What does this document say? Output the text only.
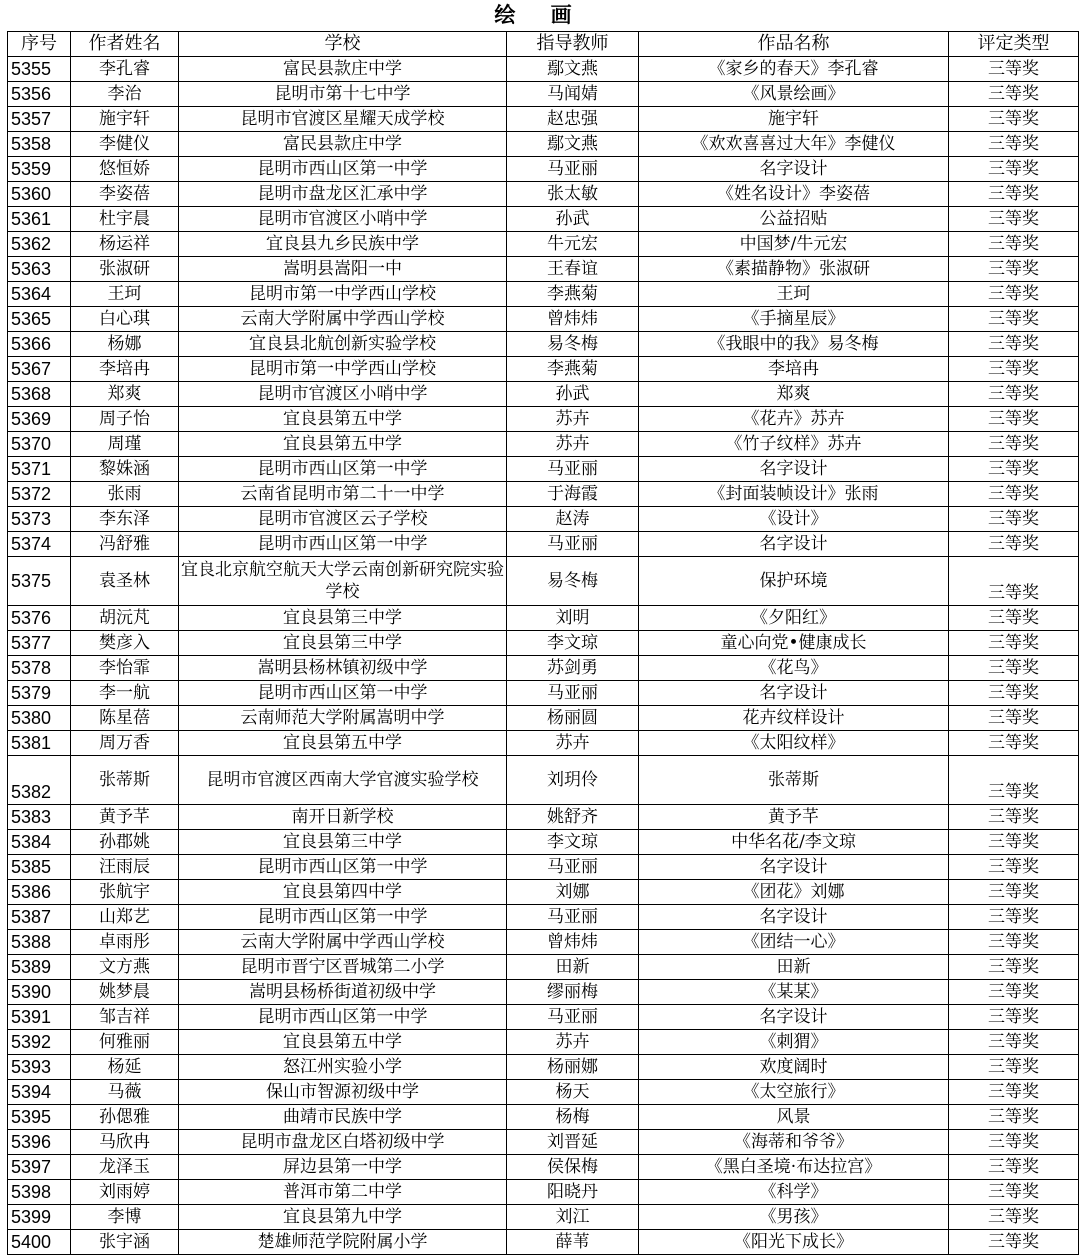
绘 画
序号	作者姓名	学校	指导教师	作品名称	评定类型
5355	李孔睿	富民县款庄中学	鄢文燕	《家乡的春天》李孔睿	三等奖
5356	李治	昆明市第十七中学	马闻婧	《风景绘画》	三等奖
5357	施宇轩	昆明市官渡区星耀天成学校	赵忠强	施宇轩	三等奖
5358	李健仪	富民县款庄中学	鄢文燕	《欢欢喜喜过大年》李健仪	三等奖
5359	悠恒娇	昆明市西山区第一中学	马亚丽	名字设计	三等奖
5360	李姿蓓	昆明市盘龙区汇承中学	张太敏	《姓名设计》李姿蓓	三等奖
5361	杜宇晨	昆明市官渡区小哨中学	孙武	公益招贴	三等奖
5362	杨运祥	宜良县九乡民族中学	牛元宏	中国梦/牛元宏	三等奖
5363	张淑研	嵩明县嵩阳一中	王春谊	《素描静物》张淑研	三等奖
5364	王珂	昆明市第一中学西山学校	李燕菊	王珂	三等奖
5365	白心琪	云南大学附属中学西山学校	曾炜炜	《手摘星辰》	三等奖
5366	杨娜	宜良县北航创新实验学校	易冬梅	《我眼中的我》易冬梅	三等奖
5367	李培冉	昆明市第一中学西山学校	李燕菊	李培冉	三等奖
5368	郑爽	昆明市官渡区小哨中学	孙武	郑爽	三等奖
5369	周子怡	宜良县第五中学	苏卉	《花卉》苏卉	三等奖
5370	周瑾	宜良县第五中学	苏卉	《竹子纹样》苏卉	三等奖
5371	黎姝涵	昆明市西山区第一中学	马亚丽	名字设计	三等奖
5372	张雨	云南省昆明市第二十一中学	于海霞	《封面装帧设计》张雨	三等奖
5373	李东泽	昆明市官渡区云子学校	赵涛	《设计》	三等奖
5374	冯舒雅	昆明市西山区第一中学	马亚丽	名字设计	三等奖
5375	袁圣林	宜良北京航空航天大学云南创新研究院实验学校	易冬梅	保护环境	三等奖
5376	胡沅芃	宜良县第三中学	刘明	《夕阳红》	三等奖
5377	樊彦入	宜良县第三中学	李文琼	童心向党•健康成长	三等奖
5378	李怡霏	嵩明县杨林镇初级中学	苏剑勇	《花鸟》	三等奖
5379	李一航	昆明市西山区第一中学	马亚丽	名字设计	三等奖
5380	陈星蓓	云南师范大学附属嵩明中学	杨丽圆	花卉纹样设计	三等奖
5381	周万香	宜良县第五中学	苏卉	《太阳纹样》	三等奖
5382	张蒂斯	昆明市官渡区西南大学官渡实验学校	刘玥伶	张蒂斯	三等奖
5383	黄予芊	南开日新学校	姚舒齐	黄予芊	三等奖
5384	孙郡姚	宜良县第三中学	李文琼	中华名花/李文琼	三等奖
5385	汪雨辰	昆明市西山区第一中学	马亚丽	名字设计	三等奖
5386	张航宇	宜良县第四中学	刘娜	《团花》刘娜	三等奖
5387	山郑艺	昆明市西山区第一中学	马亚丽	名字设计	三等奖
5388	卓雨彤	云南大学附属中学西山学校	曾炜炜	《团结一心》	三等奖
5389	文方燕	昆明市晋宁区晋城第二小学	田新	田新	三等奖
5390	姚梦晨	嵩明县杨桥街道初级中学	缪丽梅	《某某》	三等奖
5391	邹吉祥	昆明市西山区第一中学	马亚丽	名字设计	三等奖
5392	何雅丽	宜良县第五中学	苏卉	《刺猬》	三等奖
5393	杨延	怒江州实验小学	杨丽娜	欢度阔时	三等奖
5394	马薇	保山市智源初级中学	杨天	《太空旅行》	三等奖
5395	孙偲雅	曲靖市民族中学	杨梅	风景	三等奖
5396	马欣冉	昆明市盘龙区白塔初级中学	刘晋延	《海蒂和爷爷》	三等奖
5397	龙泽玉	屏边县第一中学	侯保梅	《黑白圣境·布达拉宫》	三等奖
5398	刘雨婷	普洱市第二中学	阳晓丹	《科学》	三等奖
5399	李博	宜良县第九中学	刘江	《男孩》	三等奖
5400	张宇涵	楚雄师范学院附属小学	薛苇	《阳光下成长》	三等奖
